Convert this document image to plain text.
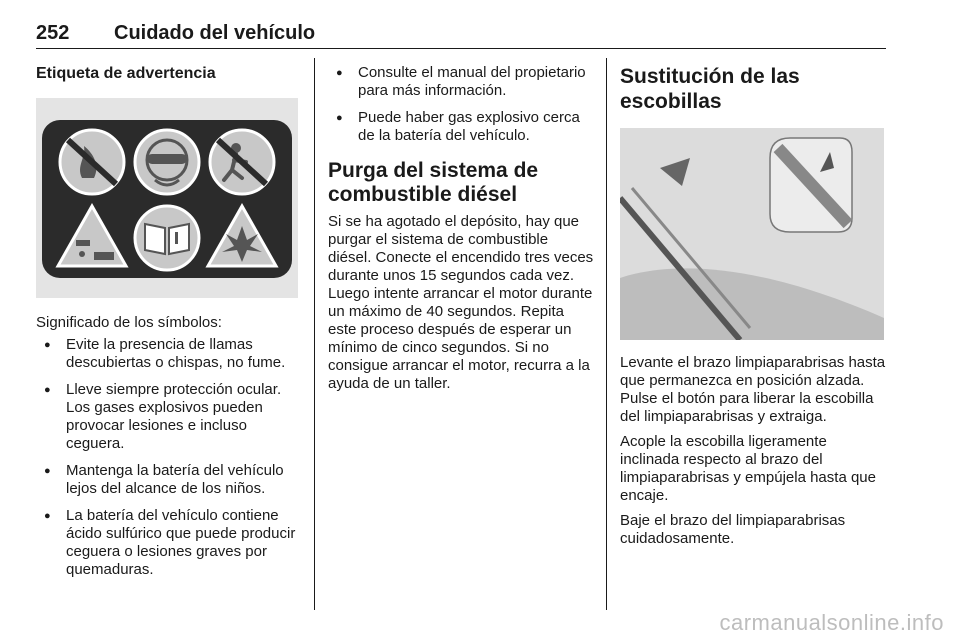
252 Cuidado del vehículo
Etiqueta de advertencia

Significado de los símbolos:

● Evite la presencia de llamas descubiertas o chispas, no fume.
● Lleve siempre protección ocular. Los gases explosivos pueden provocar lesiones e incluso ceguera.
● Mantenga la batería del vehículo lejos del alcance de los niños.
● La batería del vehículo contiene ácido sulfúrico que puede producir ceguera o lesiones graves por quemaduras.
● Consulte el manual del propietario para más información.
● Puede haber gas explosivo cerca de la batería del vehículo.
Purga del sistema de combustible diésel

Si se ha agotado el depósito, hay que purgar el sistema de combustible diésel. Conecte el encendido tres veces durante unos 15 segundos cada vez. Luego intente arrancar el motor durante un máximo de 40 segundos. Repita este proceso después de esperar un mínimo de cinco segundos. Si no consigue arrancar el motor, recurra a la ayuda de un taller.

Sustitución de las escobillas

Levante el brazo limpiaparabrisas hasta que permanezca en posición alzada. Pulse el botón para liberar la escobilla del limpiaparabrisas y extraiga.

Acople la escobilla ligeramente inclinada respecto al brazo del limpiaparabrisas y empújela hasta que encaje.

Baje el brazo del limpiaparabrisas cuidadosamente.

carmanualsonline.info
